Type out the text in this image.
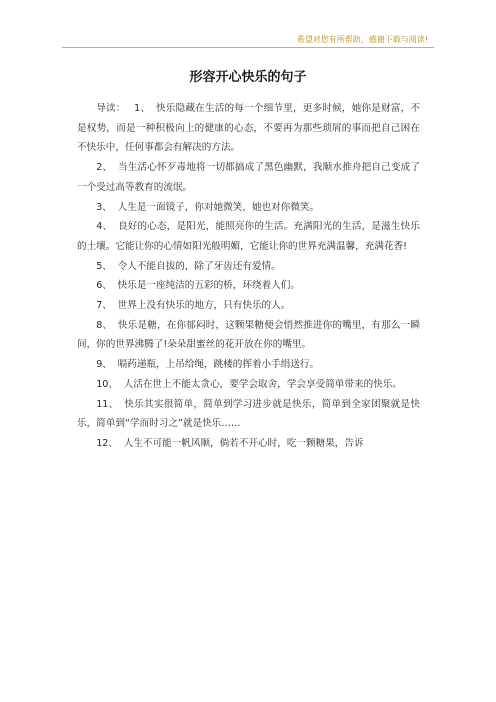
希望对您有所帮助，感谢下载与阅读!
形容开心快乐的句子

导读： 1、 快乐隐藏在生活的每一个细节里，更多时候，她你是财富，不是权势，而是一种积极向上的健康的心态，不要再为那些琐屑的事而把自己困在不快乐中，任何事都会有解决的方法。

2、 当生活心怀歹毒地将一切都搞成了黑色幽默，我顺水推舟把自己变成了一个受过高等教育的流氓。

3、 人生是一面镜子，你对她微笑，她也对你微笑。

4、 良好的心态，是阳光，能照亮你的生活。充满阳光的生活，是滋生快乐的土壤。它能让你的心情如阳光般明媚，它能让你的世界充满温馨，充满花香!

5、 令人不能自拔的，除了牙齿还有爱情。

6、 快乐是一座纯洁的五彩的桥，环绕着人们。

7、 世界上没有快乐的地方，只有快乐的人。

8、 快乐是糖，在你郁闷时，这颗果糖便会悄然推进你的嘴里，有那么一瞬间，你的世界沸腾了!朵朵甜蜜丝的花开放在你的嘴里。

9、 嗝药递瓶，上吊给绳，跳楼的挥着小手绢送行。

10、 人活在世上不能太贪心，要学会取舍，学会享受简单带来的快乐。

11、 快乐其实很简单，简单到学习进步就是快乐，简单到全家团聚就是快乐，简单到“学而时习之”就是快乐……

12、 人生不可能一帆风顺，倘若不开心时，吃一颗糖果，告诉
